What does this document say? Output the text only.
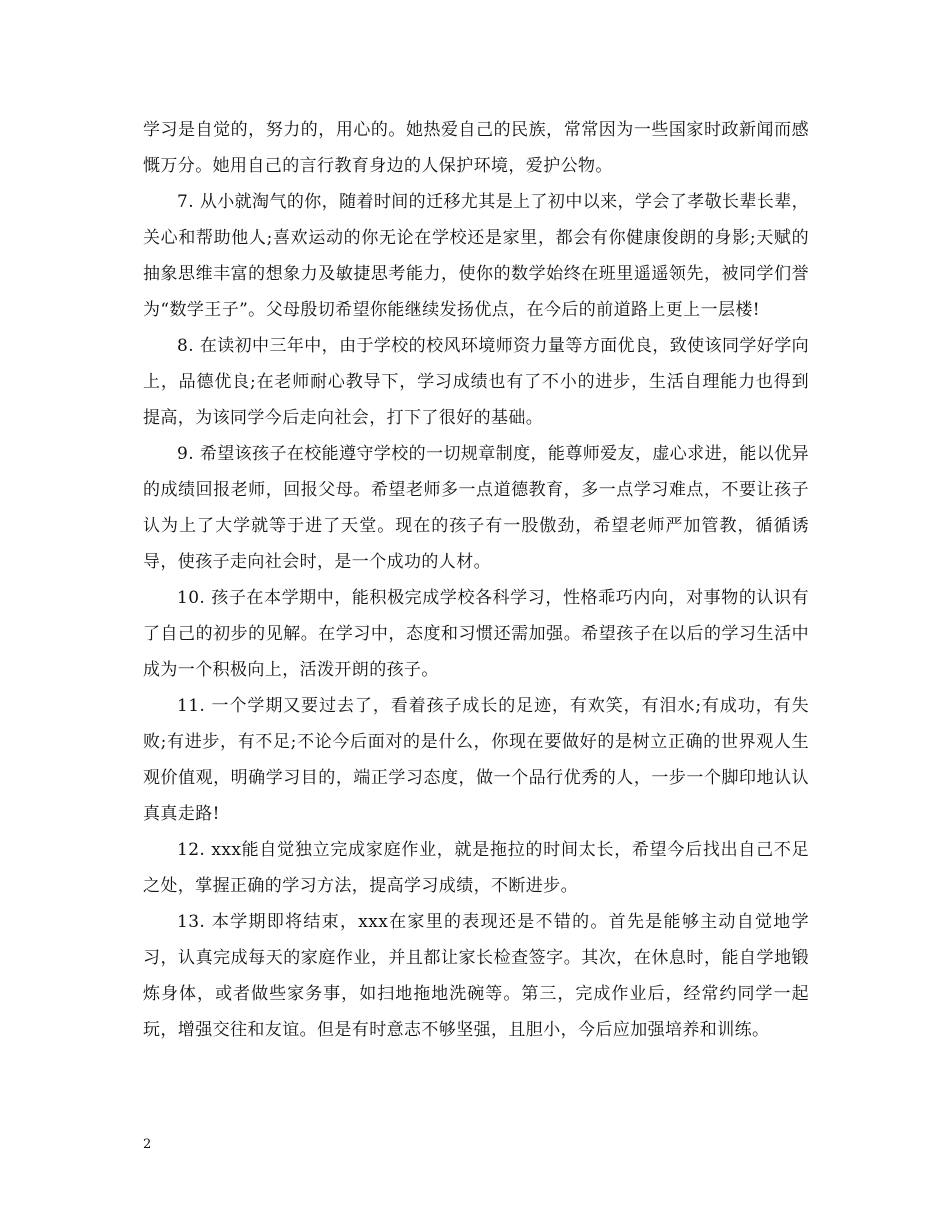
学习是自觉的，努力的，用心的。她热爱自己的民族，常常因为一些国家时政新闻而感慨万分。她用自己的言行教育身边的人保护环境，爱护公物。

7. 从小就淘气的你，随着时间的迁移尤其是上了初中以来，学会了孝敬长辈长辈，关心和帮助他人;喜欢运动的你无论在学校还是家里，都会有你健康俊朗的身影;天赋的抽象思维丰富的想象力及敏捷思考能力，使你的数学始终在班里遥遥领先，被同学们誉为“数学王子”。父母殷切希望你能继续发扬优点，在今后的前道路上更上一层楼!

8. 在读初中三年中，由于学校的校风环境师资力量等方面优良，致使该同学好学向上，品德优良;在老师耐心教导下，学习成绩也有了不小的进步，生活自理能力也得到提高，为该同学今后走向社会，打下了很好的基础。

9. 希望该孩子在校能遵守学校的一切规章制度，能尊师爱友，虚心求进，能以优异的成绩回报老师，回报父母。希望老师多一点道德教育，多一点学习难点，不要让孩子认为上了大学就等于进了天堂。现在的孩子有一股傲劲，希望老师严加管教，循循诱导，使孩子走向社会时，是一个成功的人材。

10. 孩子在本学期中，能积极完成学校各科学习，性格乖巧内向，对事物的认识有了自己的初步的见解。在学习中，态度和习惯还需加强。希望孩子在以后的学习生活中成为一个积极向上，活泼开朗的孩子。

11. 一个学期又要过去了，看着孩子成长的足迹，有欢笑，有泪水;有成功，有失败;有进步，有不足;不论今后面对的是什么，你现在要做好的是树立正确的世界观人生观价值观，明确学习目的，端正学习态度，做一个品行优秀的人，一步一个脚印地认认真真走路!

12. xxx能自觉独立完成家庭作业，就是拖拉的时间太长，希望今后找出自己不足之处，掌握正确的学习方法，提高学习成绩，不断进步。

13. 本学期即将结束，xxx在家里的表现还是不错的。首先是能够主动自觉地学习，认真完成每天的家庭作业，并且都让家长检查签字。其次，在休息时，能自学地锻炼身体，或者做些家务事，如扫地拖地洗碗等。第三，完成作业后，经常约同学一起玩，增强交往和友谊。但是有时意志不够坚强，且胆小，今后应加强培养和训练。

2
